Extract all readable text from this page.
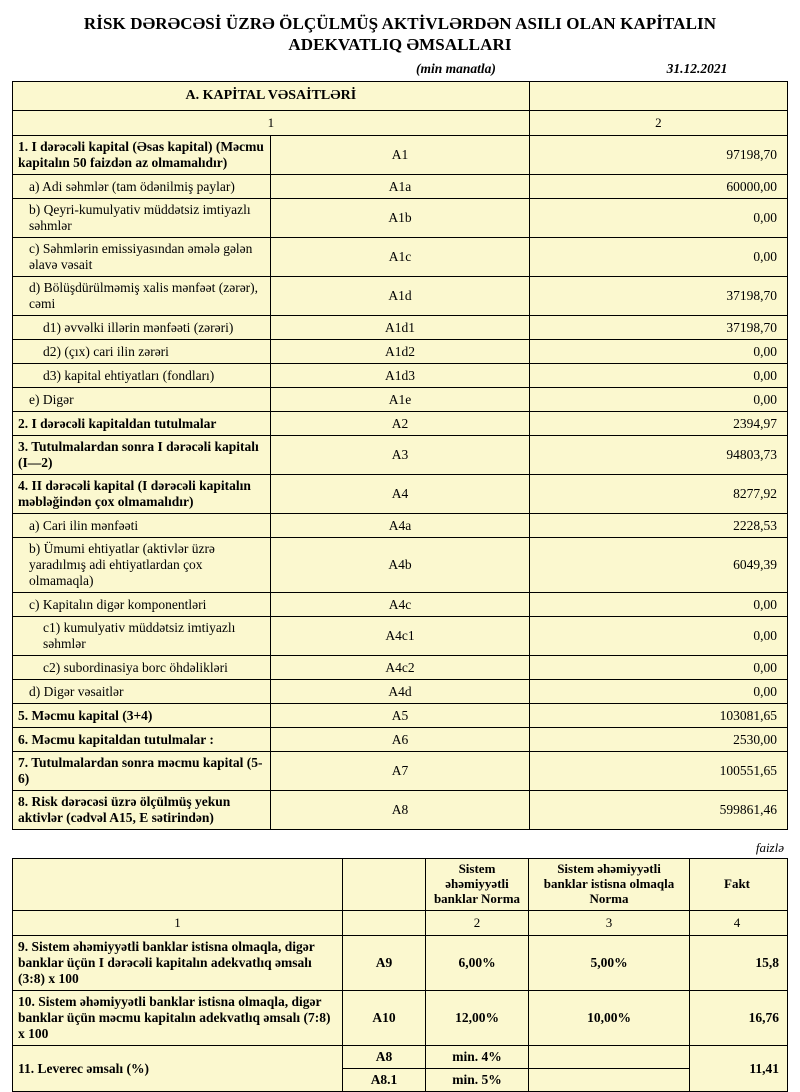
RİSK DƏRƏCƏSİ ÜZRƏ ÖLÇÜLMÜŞ AKTİVLƏRDƏN ASILI OLAN KAPİTALIN ADEKVATLIQ ƏMSALLARI
(min manatla)	31.12.2021
A. KAPİTAL VƏSAİTLƏRİ		
1		2
1. I dərəcəli kapital (Əsas kapital) (Məcmu kapitalın 50 faizdən az olmamalıdır)	A1	97198,70
a) Adi səhmlər (tam ödənilmiş paylar)	A1a	60000,00
b) Qeyri-kumulyativ müddətsiz imtiyazlı səhmlər	A1b	0,00
c) Səhmlərin emissiyasından əmələ gələn əlavə vəsait	A1c	0,00
d) Bölüşdürülməmiş xalis mənfəət (zərər), cəmi	A1d	37198,70
d1) əvvəlki illərin mənfəəti (zərəri)	A1d1	37198,70
d2) (çıx) cari ilin zərəri	A1d2	0,00
d3) kapital ehtiyatları (fondları)	A1d3	0,00
e) Digər	A1e	0,00
2. I dərəcəli kapitaldan tutulmalar	A2	2394,97
3. Tutulmalardan sonra I dərəcəli kapitalı (I—2)	A3	94803,73
4. II dərəcəli kapital (I dərəcəli kapitalın məbləğindən çox olmamalıdır)	A4	8277,92
a) Cari ilin mənfəəti	A4a	2228,53
b) Ümumi ehtiyatlar (aktivlər üzrə yaradılmış adi ehtiyatlardan çox olmamaqla)	A4b	6049,39
c) Kapitalın digər komponentləri	A4c	0,00
c1) kumulyativ müddətsiz imtiyazlı səhmlər	A4c1	0,00
c2) subordinasiya borc öhdəlikləri	A4c2	0,00
d) Digər vəsaitlər	A4d	0,00
5. Məcmu kapital (3+4)	A5	103081,65
6. Məcmu kapitaldan tutulmalar :	A6	2530,00
7. Tutulmalardan sonra məcmu kapital (5-6)	A7	100551,65
8. Risk dərəcəsi üzrə ölçülmüş yekun aktivlər (cədvəl A15, E sətirindən)	A8	599861,46
faizlə
		Sistem əhəmiyyətli banklar Norma	Sistem əhəmiyyətli banklar istisna olmaqla Norma	Fakt
1		2	3	4
9. Sistem əhəmiyyətli banklar istisna olmaqla, digər banklar üçün I dərəcəli kapitalın adekvatlıq əmsalı (3:8) x 100	A9	6,00%	5,00%	15,8
10. Sistem əhəmiyyətli banklar istisna olmaqla, digər banklar üçün məcmu kapitalın adekvatlıq əmsalı (7:8) x 100	A10	12,00%	10,00%	16,76
11. Leverec əmsalı (%)	A8	min. 4%		11,41
	A8.1	min. 5%		
